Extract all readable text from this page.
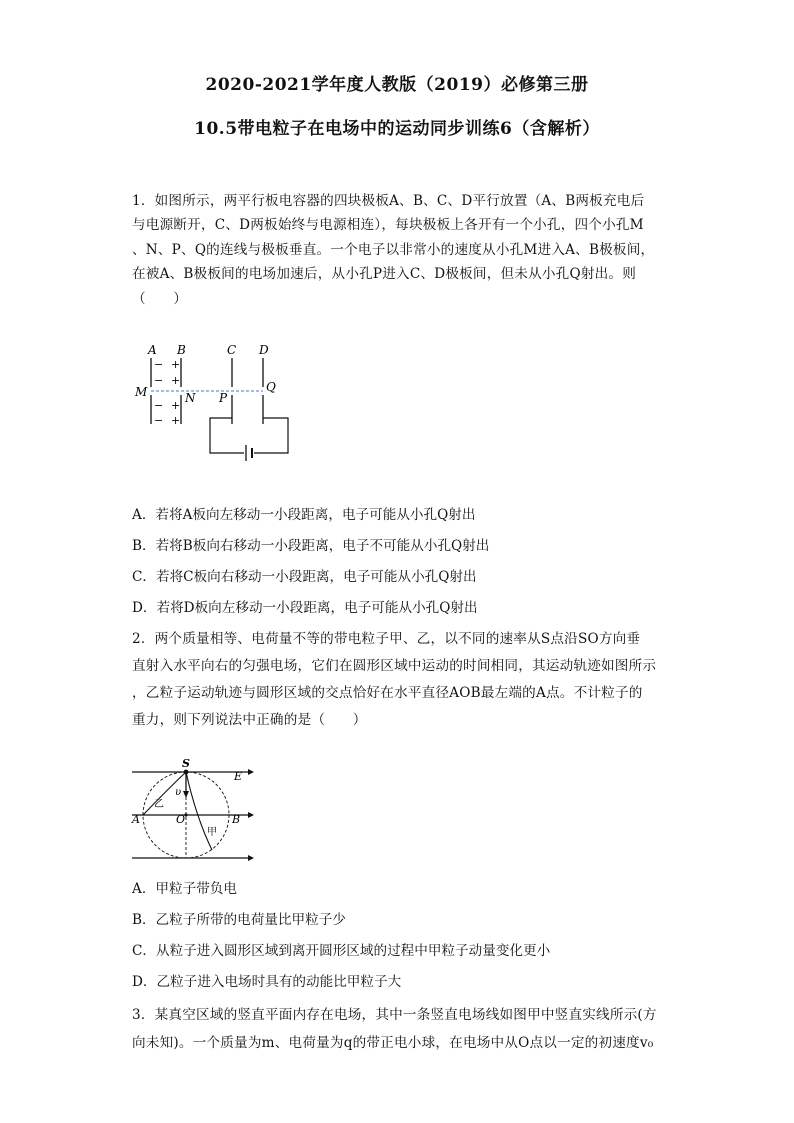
2020-2021学年度人教版（2019）必修第三册
10.5带电粒子在电场中的运动同步训练6（含解析）
1．如图所示，两平行板电容器的四块极板A、B、C、D平行放置（A、B两板充电后
与电源断开，C、D两板始终与电源相连），每块极板上各开有一个小孔，四个小孔M
、N、P、Q的连线与极板垂直。一个电子以非常小的速度从小孔M进入A、B极板间，
在被A、B极板间的电场加速后，从小孔P进入C、D极板间，但未从小孔Q射出。则
（　　）
A B	C D
−
−
−
−
+
+
+
+
M	N P
Q
A．若将A板向左移动一小段距离，电子可能从小孔Q射出
B．若将B板向右移动一小段距离，电子不可能从小孔Q射出
C．若将C板向右移动一小段距离，电子可能从小孔Q射出
D．若将D板向左移动一小段距离，电子可能从小孔Q射出
2．两个质量相等、电荷量不等的带电粒子甲、乙，以不同的速率从S点沿SO方向垂
直射入水平向右的匀强电场，它们在圆形区域中运动的时间相同，其运动轨迹如图所示
，乙粒子运动轨迹与圆形区域的交点恰好在水平直径AOB最左端的A点。不计粒子的
重力，则下列说法中正确的是（　　）
S
E
A	O	B
υ
乙
甲
A．甲粒子带负电
B．乙粒子所带的电荷量比甲粒子少
C．从粒子进入圆形区域到离开圆形区域的过程中甲粒子动量变化更小
D．乙粒子进入电场时具有的动能比甲粒子大
3．某真空区域的竖直平面内存在电场，其中一条竖直电场线如图甲中竖直实线所示(方
向未知)。一个质量为m、电荷量为q的带正电小球，在电场中从O点以一定的初速度v₀
